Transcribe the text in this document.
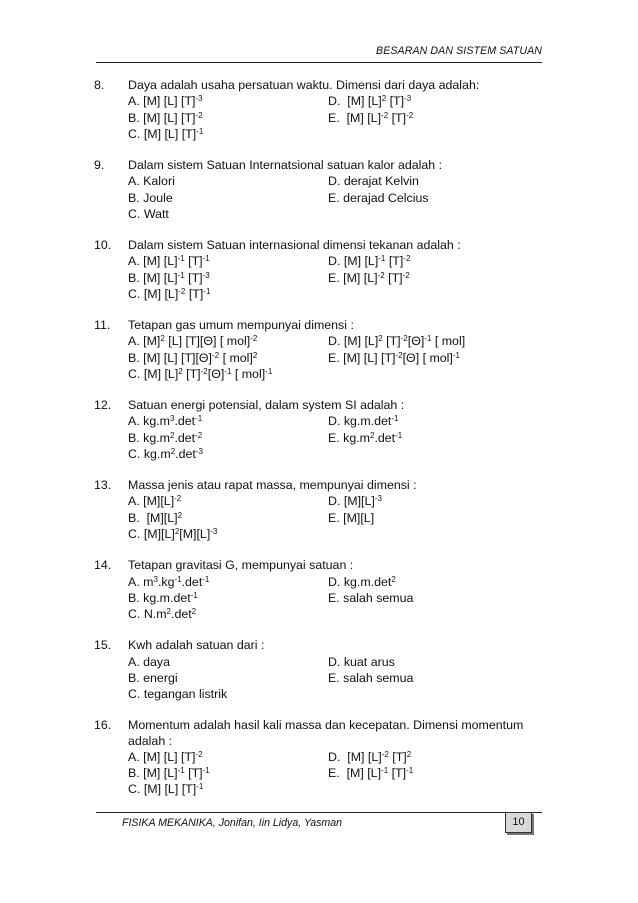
BESARAN DAN SISTEM SATUAN
8.	Daya adalah usaha persatuan waktu. Dimensi dari daya adalah:
A. [M] [L] $[T]^{-3}$	D.  [M] $[L]^2$ $[T]^{-3}$
B. [M] [L] $[T]^{-2}$	E.  [M] $[L]^{-2}$ $[T]^{-2}$
C. [M] [L] $[T]^{-1}$
9.	Dalam sistem Satuan Internatsional satuan kalor adalah :
A. Kalori	D. derajat Kelvin
B. Joule	E. derajad Celcius
C. Watt
10.	Dalam sistem Satuan internasional dimensi tekanan adalah :
A. [M] $[L]^{-1}$ $[T]^{-1}$	D. [M] $[L]^{-1}$ $[T]^{-2}$
B. [M] $[L]^{-1}$ $[T]^{-3}$	E. [M] $[L]^{-2}$ $[T]^{-2}$
C. [M] $[L]^{-2}$ $[T]^{-1}$
11.	Tetapan gas umum mempunyai dimensi :
A. $[M]^2$ [L] [T][Θ] [ mol]$^{-2}$	D. [M] $[L]^2$ $[T]^{-2}[\Theta]^{-1}$ [ mol]
B. [M] [L] $[T][\Theta]^{-2}$ [ mol]$^2$	E. [M] [L] $[T]^{-2}[\Theta]$ [ mol]$^{-1}$
C. [M] $[L]^2$ $[T]^{-2}[\Theta]^{-1}$ [ mol]$^{-1}$
12.	Satuan energi potensial, dalam system SI adalah :
A. $kg.m^3.\det^{-1}$	D. $kg.m.\det^{-1}$
B. $kg.m^2.\det^{-2}$	E. $kg.m^2.\det^{-1}$
C. $kg.m^2.\det^{-3}$
13.	Massa jenis atau rapat massa, mempunyai dimensi :
A. $[M][L]^{-2}$	D. $[M][L]^{-3}$
B.  $[M][L]^2$	E. [M][L]
C. $[M][L]^2[M][L]^{-3}$
14.	Tetapan gravitasi G, mempunyai satuan :
A. $m^3.kg^{-1}.\det^{-1}$	D. $kg.m.\det^2$
B. $kg.m.\det^{-1}$	E. salah semua
C. $N.m^2.\det^2$
15.	Kwh adalah satuan dari :
A. daya	D. kuat arus
B. energi	E. salah semua
C. tegangan listrik
16.	Momentum adalah hasil kali massa dan kecepatan. Dimensi momentum adalah :
A. [M] [L] $[T]^{-2}$	D.  [M] $[L]^{-2}$ $[T]^2$
B. [M] $[L]^{-1}$ $[T]^{-1}$	E.  [M] $[L]^{-1}$ $[T]^{-1}$
C. [M] [L] $[T]^{-1}$
FISIKA MEKANIKA, Jonifan, Iin Lidya, Yasman	10
